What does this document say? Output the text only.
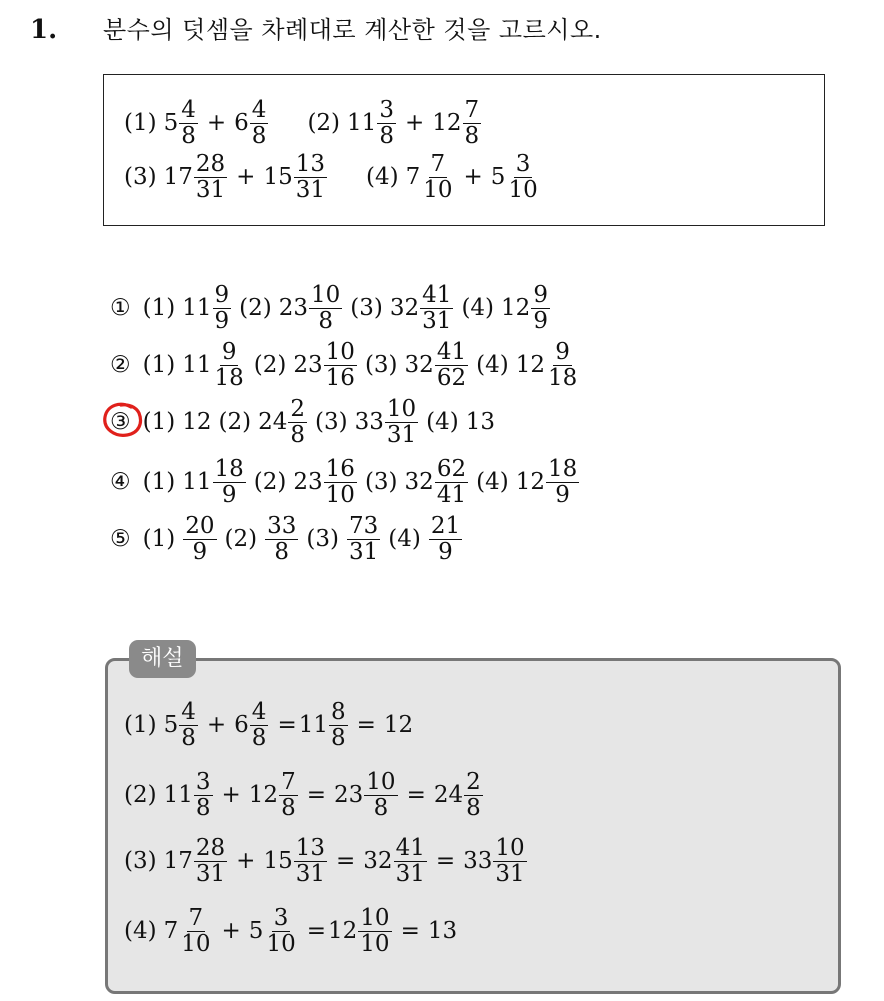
1. 분수의 덧셈을 차례대로 계산한 것을 고르시오.
(1) $5 \frac{4}{8} + 6 \frac{4}{8} (2)$ $11 \frac{3}{8} + 12 \frac{7}{8}$
(3) $17 \frac{28}{31} + 15 \frac{13}{31} (4)$ $7 \frac{7}{10} + 5 \frac{3}{10}$
① (1) $11 \frac{9}{9} (2)$ $23 \frac{10}{8} (3)$ $32 \frac{41}{31} (4)$ $12 \frac{9}{9}$
② (1) $11 \frac{9}{18} (2)$ $23 \frac{10}{16} (3)$ $32 \frac{41}{62} (4)$ $12 \frac{9}{18}$
③ (1) 12 (2) $24 \frac{2}{8} (3)$ $33 \frac{10}{31} (4)$ 13
④ (1) $11 \frac{18}{9} (2)$ $23 \frac{16}{10} (3)$ $32 \frac{62}{41} (4)$ $12 \frac{18}{9}$
⑤ $(1) \frac{20}{9} (2) \frac{33}{8} (3) \frac{73}{31} (4) \frac{21}{9}$
해설
(1) $5 \frac{4}{8} + 6 \frac{4}{8} = 11 \frac{8}{8} = 12$
(2) $11 \frac{3}{8} + 12 \frac{7}{8} = 23 \frac{10}{8} = 24 \frac{2}{8}$
(3) $17 \frac{28}{31} + 15 \frac{13}{31} = 32 \frac{41}{31} = 33 \frac{10}{31}$
(4) $7 \frac{7}{10} + 5 \frac{3}{10} = 12 \frac{10}{10} = 13$
